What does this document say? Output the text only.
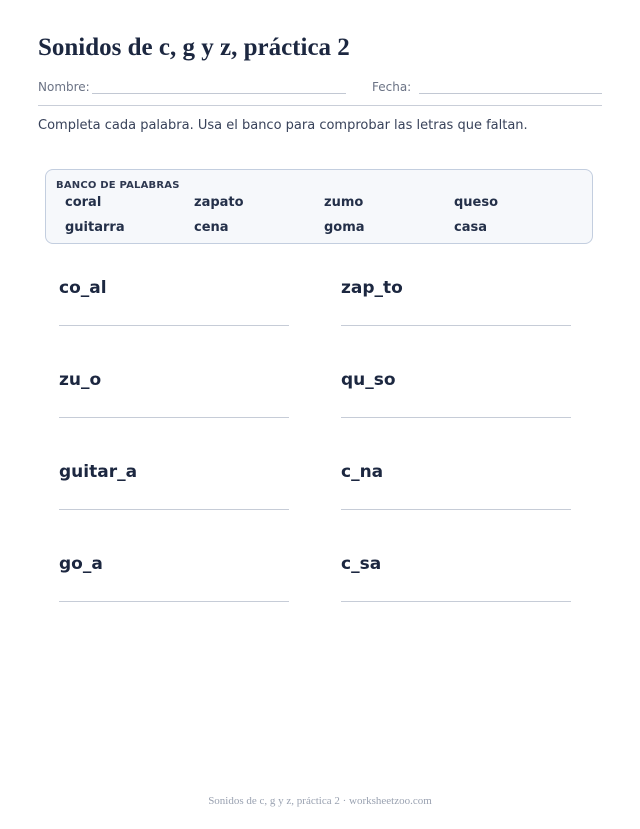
Sonidos de c, g y z, práctica 2
Nombre:	Fecha:
Completa cada palabra. Usa el banco para comprobar las letras que faltan.
BANCO DE PALABRAS
coral	zapato	zumo	queso
guitarra	cena	goma	casa
co_al	zap_to
zu_o	qu_so
guitar_a	c_na
go_a	c_sa
Sonidos de c, g y z, práctica 2 · worksheetzoo.com
